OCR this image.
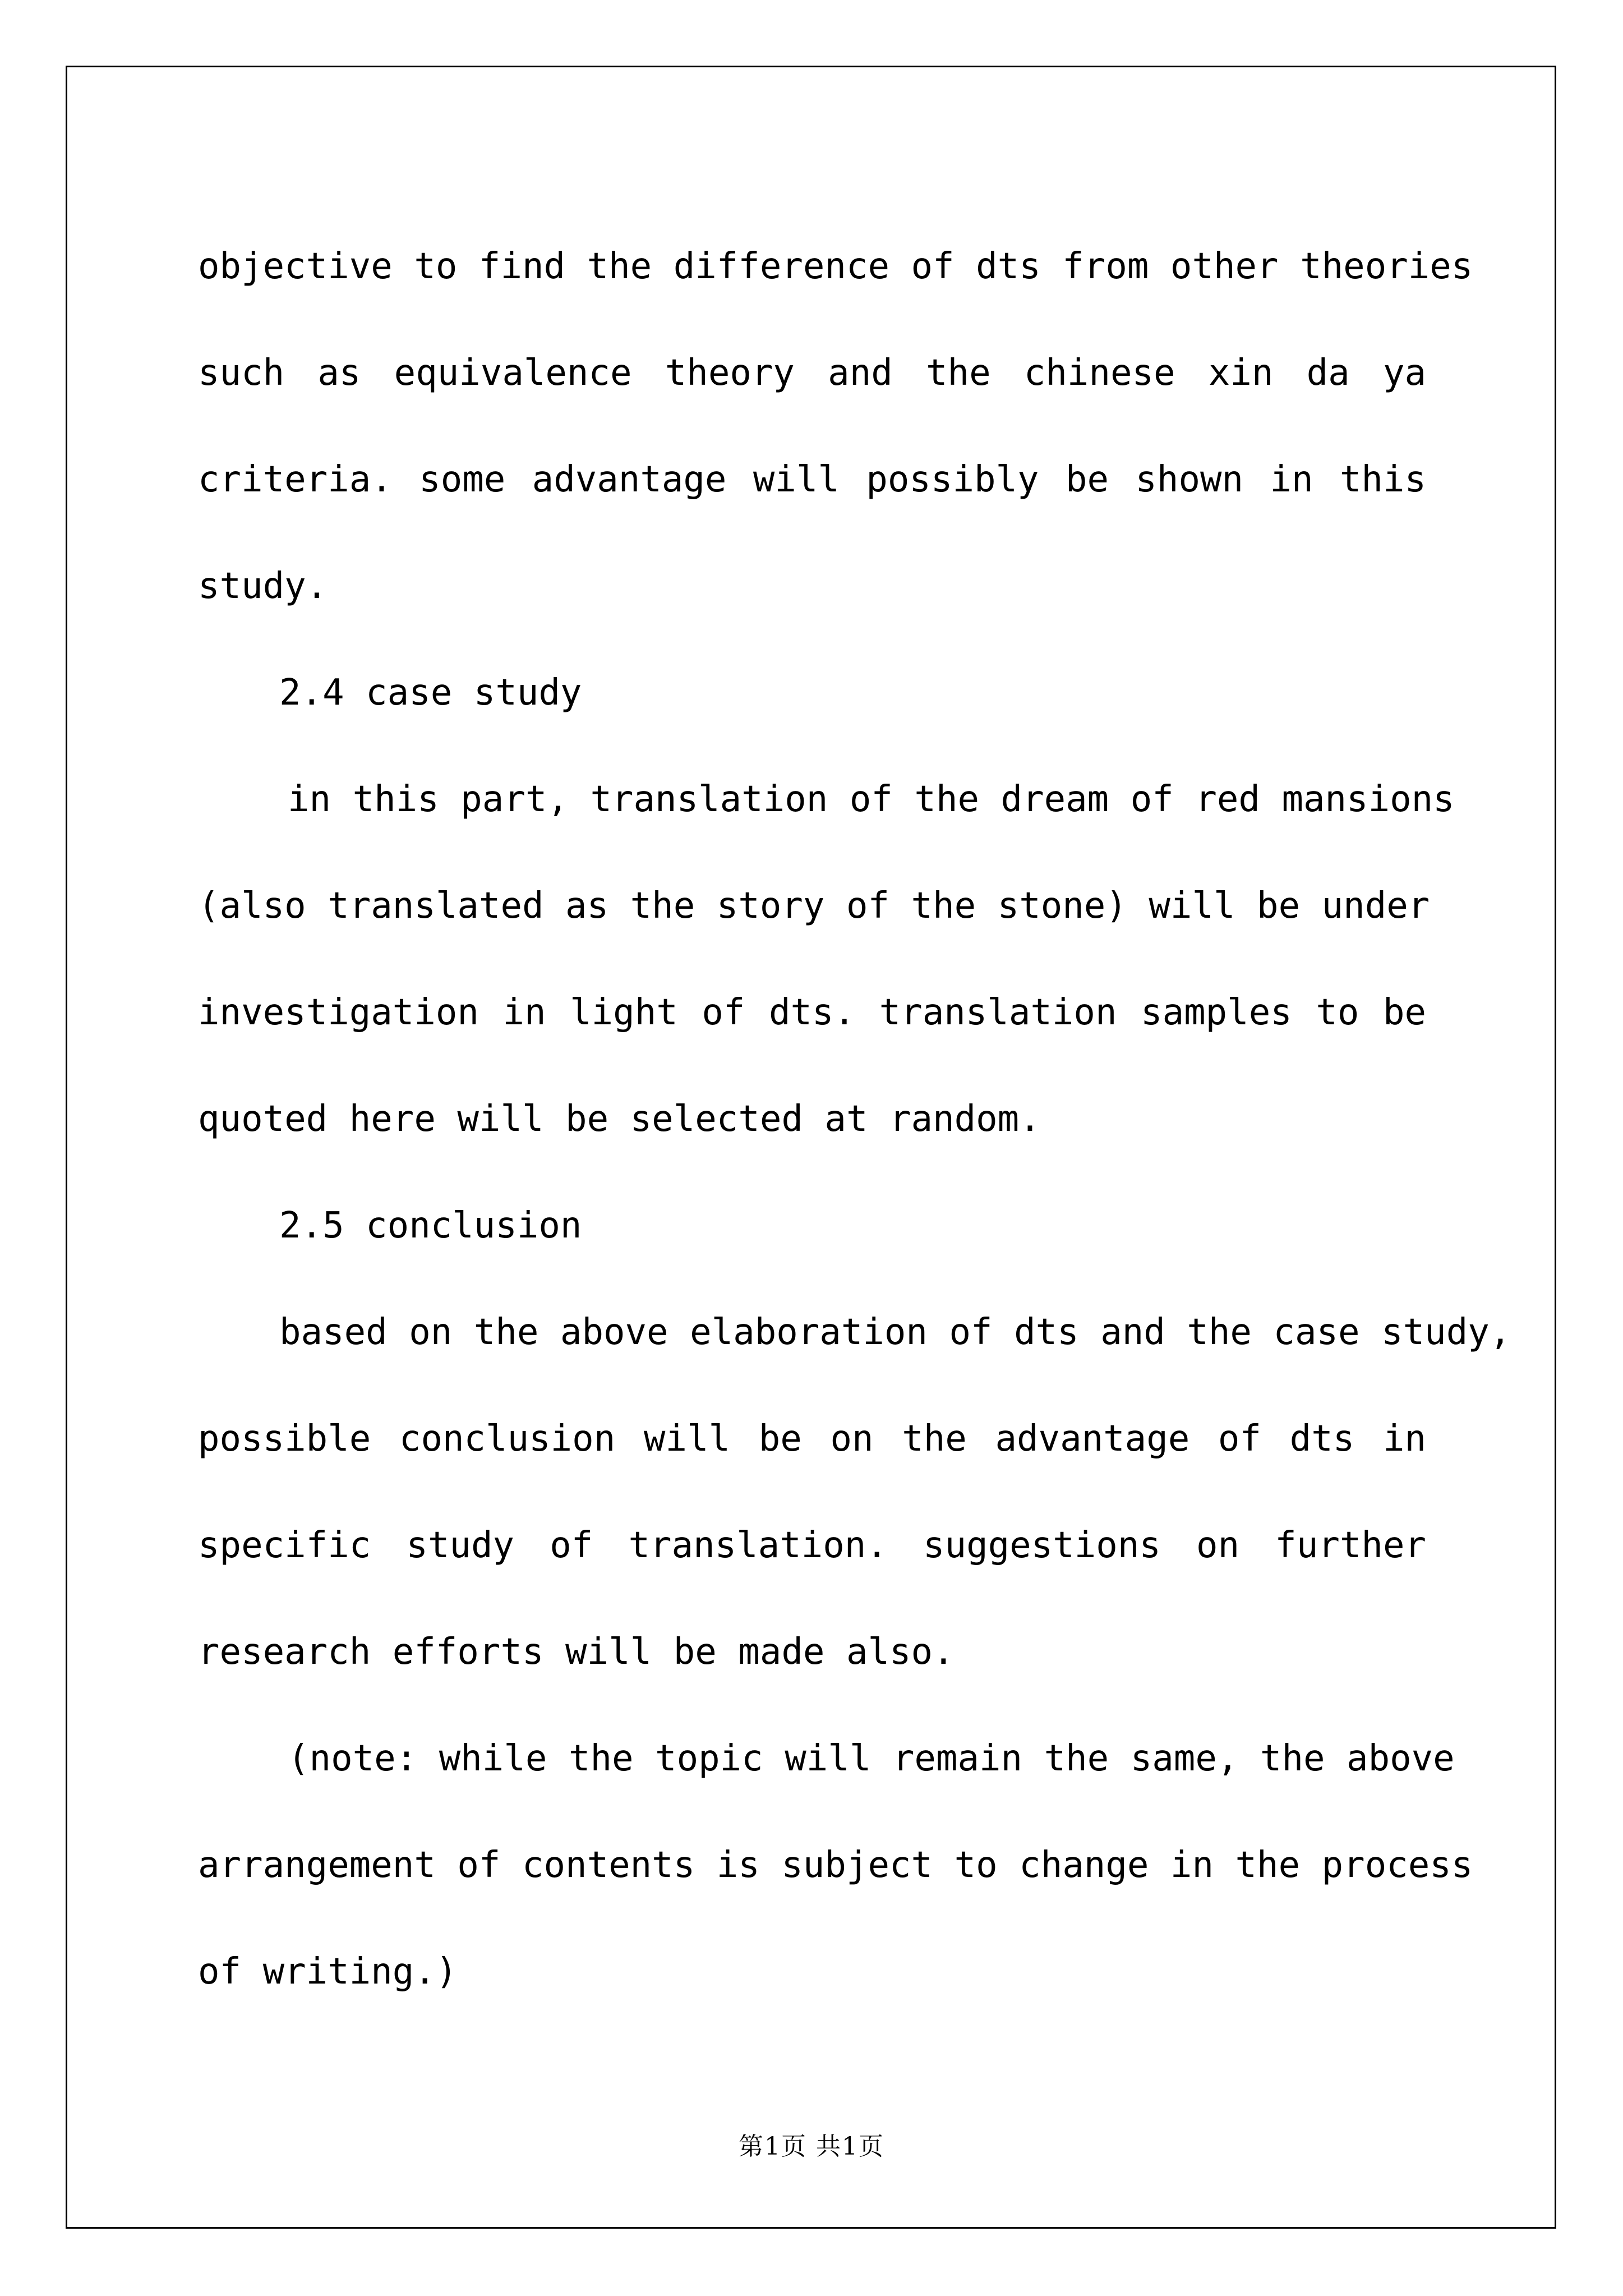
objective to find the difference of dts from other theories
such as equivalence theory and the chinese xin da ya
criteria. some advantage will possibly be shown in this
study.
2.4 case study
in this part, translation of the dream of red mansions
(also translated as the story of the stone) will be under
investigation in light of dts. translation samples to be
quoted here will be selected at random.
2.5 conclusion
based on the above elaboration of dts and the case study,
possible conclusion will be on the advantage of dts in
specific study of translation. suggestions on further
research efforts will be made also.
(note: while the topic will remain the same, the above
arrangement of contents is subject to change in the process
of writing.)
第1页 共1页
